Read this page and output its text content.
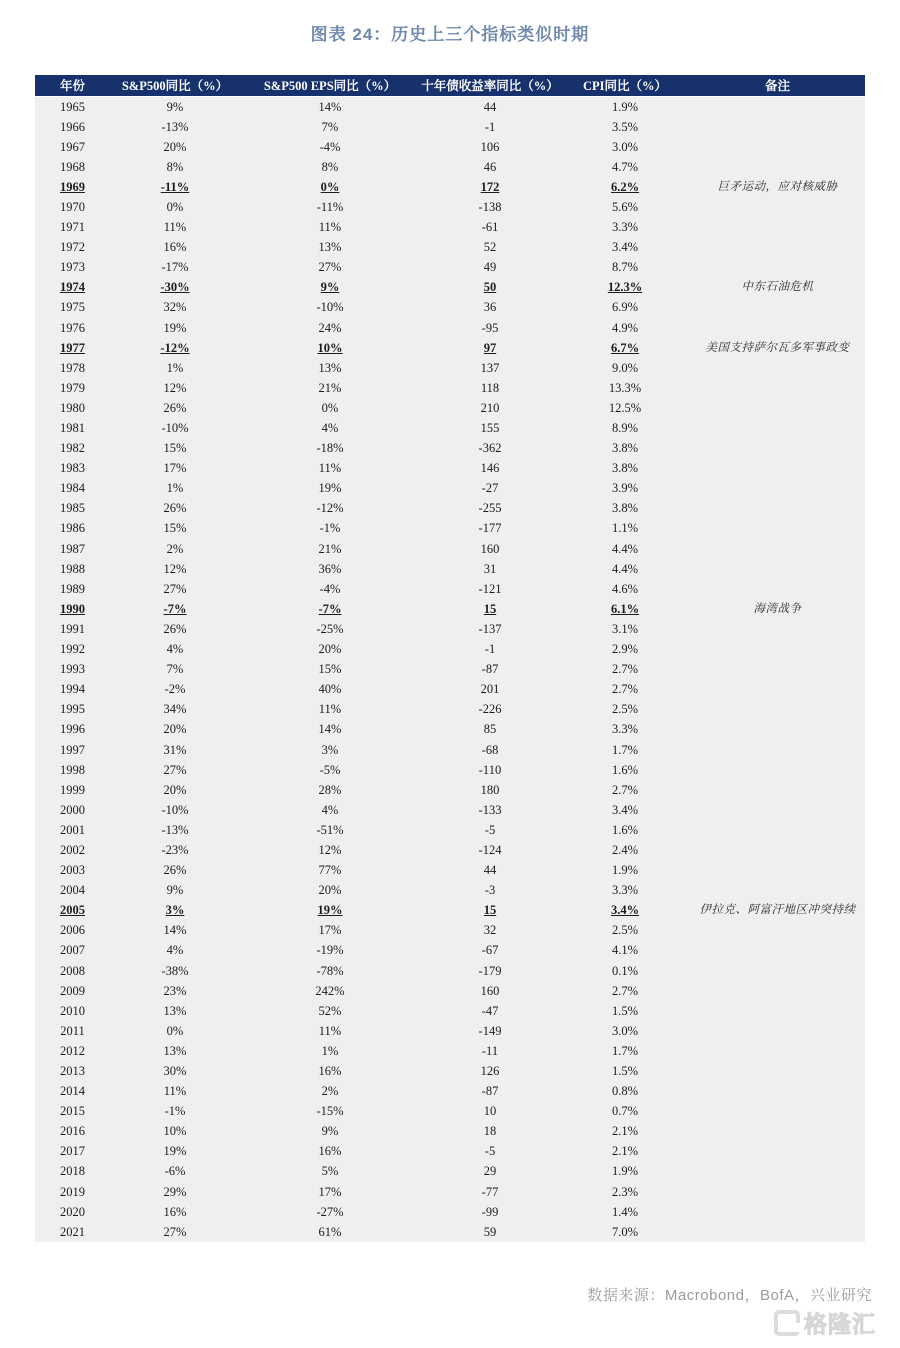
图表 24：历史上三个指标类似时期
年份	S&P500同比（%）	S&P500 EPS同比（%）	十年债收益率同比（%）	CPI同比（%）	备注
1965	9%	14%	44	1.9%	
1966	-13%	7%	-1	3.5%	
1967	20%	-4%	106	3.0%	
1968	8%	8%	46	4.7%	
1969	-11%	0%	172	6.2%	巨矛运动，应对核威胁
1970	0%	-11%	-138	5.6%	
1971	11%	11%	-61	3.3%	
1972	16%	13%	52	3.4%	
1973	-17%	27%	49	8.7%	
1974	-30%	9%	50	12.3%	中东石油危机
1975	32%	-10%	36	6.9%	
1976	19%	24%	-95	4.9%	
1977	-12%	10%	97	6.7%	美国支持萨尔瓦多军事政变
1978	1%	13%	137	9.0%	
1979	12%	21%	118	13.3%	
1980	26%	0%	210	12.5%	
1981	-10%	4%	155	8.9%	
1982	15%	-18%	-362	3.8%	
1983	17%	11%	146	3.8%	
1984	1%	19%	-27	3.9%	
1985	26%	-12%	-255	3.8%	
1986	15%	-1%	-177	1.1%	
1987	2%	21%	160	4.4%	
1988	12%	36%	31	4.4%	
1989	27%	-4%	-121	4.6%	
1990	-7%	-7%	15	6.1%	海湾战争
1991	26%	-25%	-137	3.1%	
1992	4%	20%	-1	2.9%	
1993	7%	15%	-87	2.7%	
1994	-2%	40%	201	2.7%	
1995	34%	11%	-226	2.5%	
1996	20%	14%	85	3.3%	
1997	31%	3%	-68	1.7%	
1998	27%	-5%	-110	1.6%	
1999	20%	28%	180	2.7%	
2000	-10%	4%	-133	3.4%	
2001	-13%	-51%	-5	1.6%	
2002	-23%	12%	-124	2.4%	
2003	26%	77%	44	1.9%	
2004	9%	20%	-3	3.3%	
2005	3%	19%	15	3.4%	伊拉克、阿富汗地区冲突持续
2006	14%	17%	32	2.5%	
2007	4%	-19%	-67	4.1%	
2008	-38%	-78%	-179	0.1%	
2009	23%	242%	160	2.7%	
2010	13%	52%	-47	1.5%	
2011	0%	11%	-149	3.0%	
2012	13%	1%	-11	1.7%	
2013	30%	16%	126	1.5%	
2014	11%	2%	-87	0.8%	
2015	-1%	-15%	10	0.7%	
2016	10%	9%	18	2.1%	
2017	19%	16%	-5	2.1%	
2018	-6%	5%	29	1.9%	
2019	29%	17%	-77	2.3%	
2020	16%	-27%	-99	1.4%	
2021	27%	61%	59	7.0%	
数据来源：Macrobond，BofA，兴业研究
格隆汇
